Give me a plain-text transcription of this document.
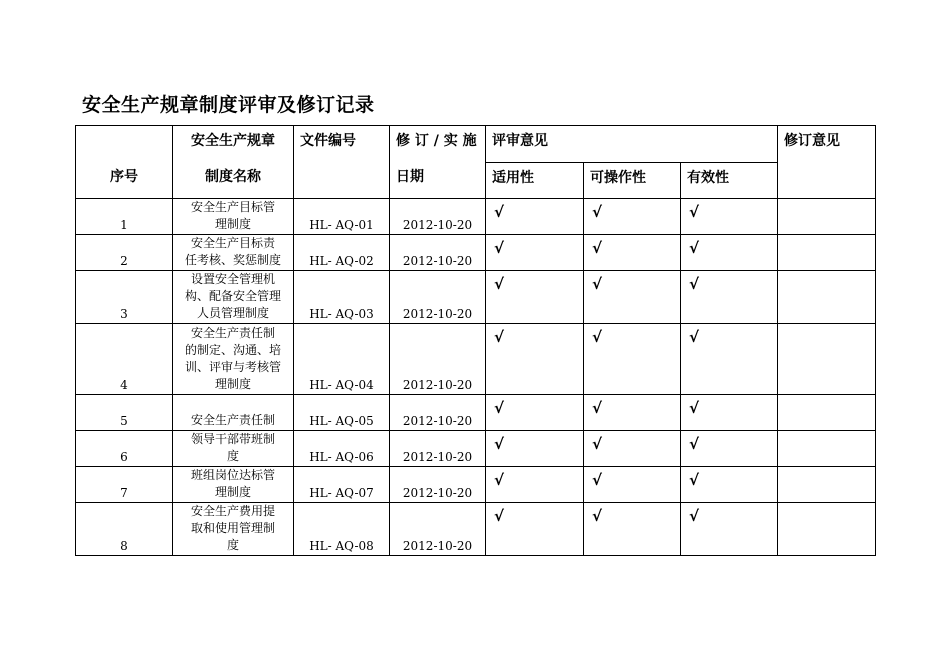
安全生产规章制度评审及修订记录
序号	安全生产规章
制度名称	文件编号	修 订 / 实 施
日期	评审意见			修订意见
				适用性	可操作性	有效性	
1	安全生产目标管
理制度	HL- AQ-01	2012-10-20	√	√	√	
2	安全生产目标责
任考核、奖惩制度	HL- AQ-02	2012-10-20	√	√	√	
3	设置安全管理机
构、配备安全管理
人员管理制度	HL- AQ-03	2012-10-20	√	√	√	
4	安全生产责任制
的制定、沟通、培
训、评审与考核管
理制度	HL- AQ-04	2012-10-20	√	√	√	
5	安全生产责任制	HL- AQ-05	2012-10-20	√	√	√	
6	领导干部带班制
度	HL- AQ-06	2012-10-20	√	√	√	
7	班组岗位达标管
理制度	HL- AQ-07	2012-10-20	√	√	√	
8	安全生产费用提
取和使用管理制
度	HL- AQ-08	2012-10-20	√	√	√	
